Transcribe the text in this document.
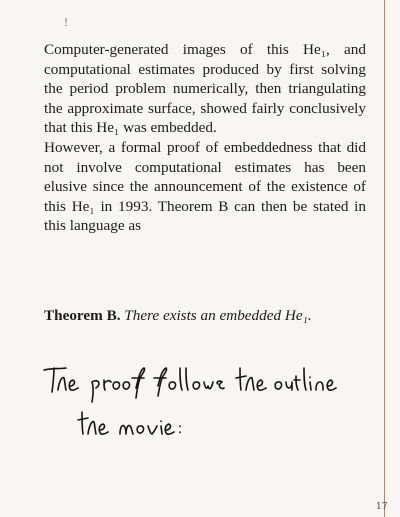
!

Computer-generated images of this He₁, and computational estimates produced by first solving the period problem numerically, then triangulating the approximate surface, showed fairly conclusively that this He₁ was embedded.

However, a formal proof of embeddedness that did not involve computational estimates has been elusive since the announcement of the existence of this He₁ in 1993. Theorem B can then be stated in this language as

Theorem B. There exists an embedded He₁.
17
